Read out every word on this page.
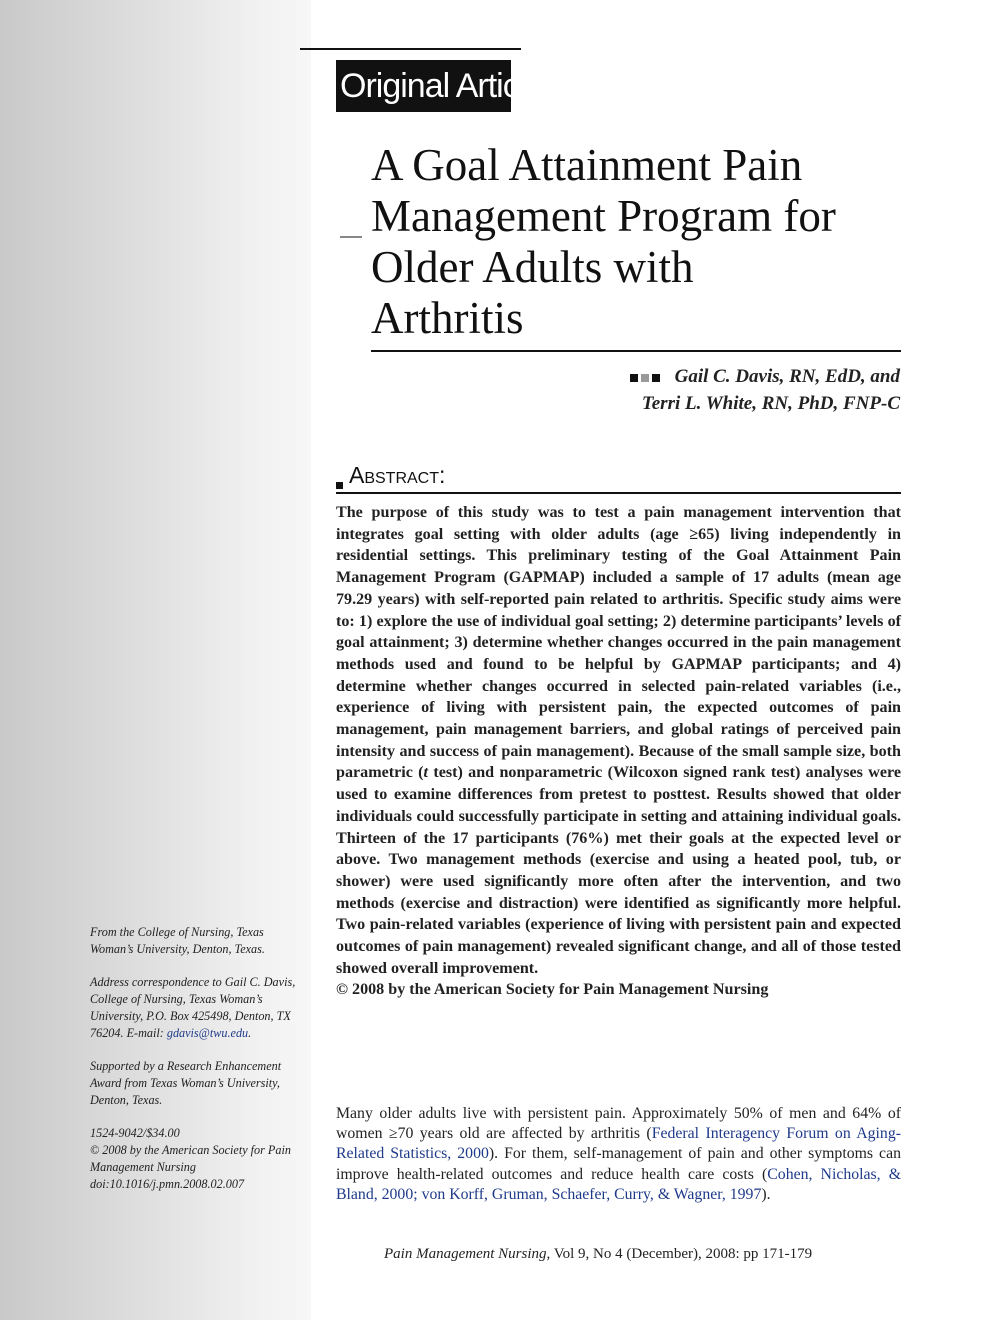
Original Article
A Goal Attainment Pain
Management Program for
Older Adults with
Arthritis
Gail C. Davis, RN, EdD, and
Terri L. White, RN, PhD, FNP-C
Abstract:

The purpose of this study was to test a pain management intervention that integrates goal setting with older adults (age ≥65) living independently in residential settings. This preliminary testing of the Goal Attainment Pain Management Program (GAPMAP) included a sample of 17 adults (mean age 79.29 years) with self-reported pain related to arthritis. Specific study aims were to: 1) explore the use of individual goal setting; 2) determine participants’ levels of goal attainment; 3) determine whether changes occurred in the pain management methods used and found to be helpful by GAPMAP participants; and 4) determine whether changes occurred in selected pain-related variables (i.e., experience of living with persistent pain, the expected outcomes of pain management, pain management barriers, and global ratings of perceived pain intensity and success of pain management). Because of the small sample size, both parametric (t test) and nonparametric (Wilcoxon signed rank test) analyses were used to examine differences from pretest to posttest. Results showed that older individuals could successfully participate in setting and attaining individual goals. Thirteen of the 17 participants (76%) met their goals at the expected level or above. Two management methods (exercise and using a heated pool, tub, or shower) were used significantly more often after the intervention, and two methods (exercise and distraction) were identified as significantly more helpful. Two pain-related variables (experience of living with persistent pain and expected outcomes of pain management) revealed significant change, and all of those tested showed overall improvement.
© 2008 by the American Society for Pain Management Nursing

Many older adults live with persistent pain. Approximately 50% of men and 64% of women ≥70 years old are affected by arthritis (Federal Interagency Forum on Aging-Related Statistics, 2000). For them, self-management of pain and other symptoms can improve health-related outcomes and reduce health care costs (Cohen, Nicholas, & Bland, 2000; von Korff, Gruman, Schaefer, Curry, & Wagner, 1997).

Pain Management Nursing, Vol 9, No 4 (December), 2008: pp 171-179

From the College of Nursing, Texas Woman’s University, Denton, Texas.

Address correspondence to Gail C. Davis, College of Nursing, Texas Woman’s University, P.O. Box 425498, Denton, TX 76204. E-mail: gdavis@twu.edu.

Supported by a Research Enhancement Award from Texas Woman’s University, Denton, Texas.

1524-9042/$34.00
© 2008 by the American Society for Pain Management Nursing
doi:10.1016/j.pmn.2008.02.007
